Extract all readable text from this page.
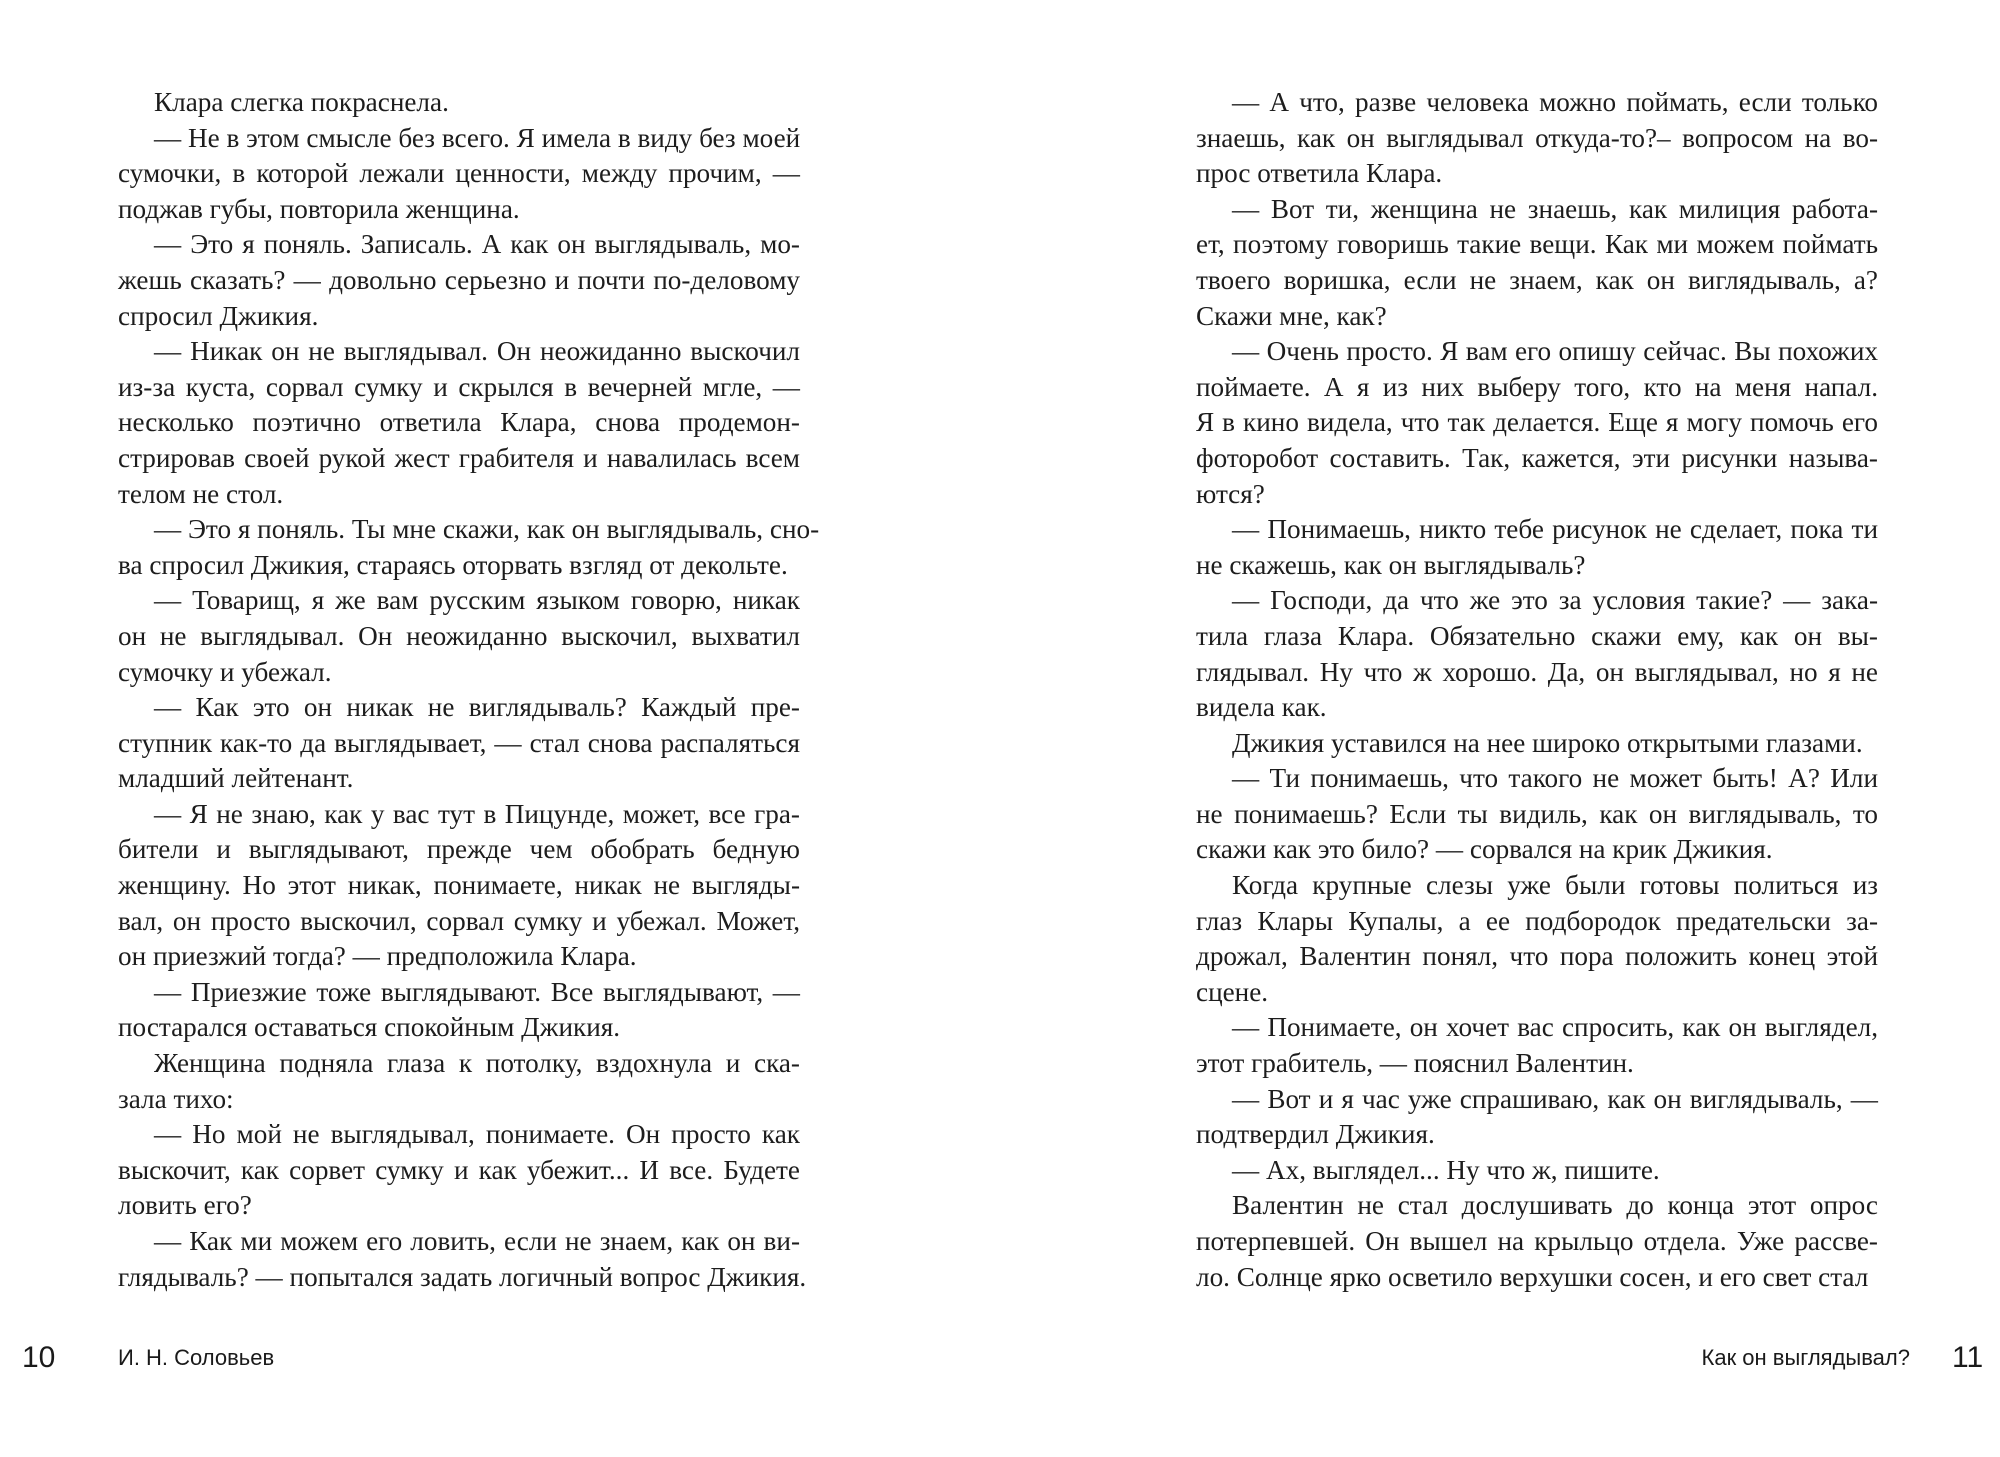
Клара слегка покраснела.

— Не в этом смысле без всего. Я имела в виду без моей
сумочки, в которой лежали ценности, между прочим, —
поджав губы, повторила женщина.

— Это я поняль. Записаль. А как он выглядываль, мо-
жешь сказать? — довольно серьезно и почти по-деловому
спросил Джикия.

— Никак он не выглядывал. Он неожиданно выскочил
из-за куста, сорвал сумку и скрылся в вечерней мгле, —
несколько поэтично ответила Клара, снова продемон-
стрировав своей рукой жест грабителя и навалилась всем
телом не стол.

— Это я поняль. Ты мне скажи, как он выглядываль, сно-
ва спросил Джикия, стараясь оторвать взгляд от декольте.

— Товарищ, я же вам русским языком говорю, никак
он не выглядывал. Он неожиданно выскочил, выхватил
сумочку и убежал.

— Как это он никак не виглядываль? Каждый пре-
ступник как-то да выглядывает, — стал снова распаляться
младший лейтенант.

— Я не знаю, как у вас тут в Пицунде, может, все гра-
бители и выглядывают, прежде чем обобрать бедную
женщину. Но этот никак, понимаете, никак не выгляды-
вал, он просто выскочил, сорвал сумку и убежал. Может,
он приезжий тогда? — предположила Клара.

— Приезжие тоже выглядывают. Все выглядывают, —
постарался оставаться спокойным Джикия.

Женщина подняла глаза к потолку, вздохнула и ска-
зала тихо:

— Но мой не выглядывал, понимаете. Он просто как
выскочит, как сорвет сумку и как убежит... И все. Будете
ловить его?

— Как ми можем его ловить, если не знаем, как он ви-
глядываль? — попытался задать логичный вопрос Джикия.

10	И. Н. Соловьев

— А что, разве человека можно поймать, если только
знаешь, как он выглядывал откуда-то?– вопросом на во-
прос ответила Клара.

— Вот ти, женщина не знаешь, как милиция работа-
ет, поэтому говоришь такие вещи. Как ми можем поймать
твоего воришка, если не знаем, как он виглядываль, а?
Скажи мне, как?

— Очень просто. Я вам его опишу сейчас. Вы похожих
поймаете. А я из них выберу того, кто на меня напал.
Я в кино видела, что так делается. Еще я могу помочь его
фоторобот составить. Так, кажется, эти рисунки называ-
ются?

— Понимаешь, никто тебе рисунок не сделает, пока ти
не скажешь, как он выглядываль?

— Господи, да что же это за условия такие? — зака-
тила глаза Клара. Обязательно скажи ему, как он вы-
глядывал. Ну что ж хорошо. Да, он выглядывал, но я не
видела как.

Джикия уставился на нее широко открытыми глазами.

— Ти понимаешь, что такого не может быть! А? Или
не понимаешь? Если ты видиль, как он виглядываль, то
скажи как это било? — сорвался на крик Джикия.

Когда крупные слезы уже были готовы политься из
глаз Клары Купалы, а ее подбородок предательски за-
дрожал, Валентин понял, что пора положить конец этой
сцене.

— Понимаете, он хочет вас спросить, как он выглядел,
этот грабитель, — пояснил Валентин.

— Вот и я час уже спрашиваю, как он виглядываль, —
подтвердил Джикия.

— Ах, выглядел... Ну что ж, пишите.

Валентин не стал дослушивать до конца этот опрос
потерпевшей. Он вышел на крыльцо отдела. Уже рассве-
ло. Солнце ярко осветило верхушки сосен, и его свет стал

Как он выглядывал? 11
